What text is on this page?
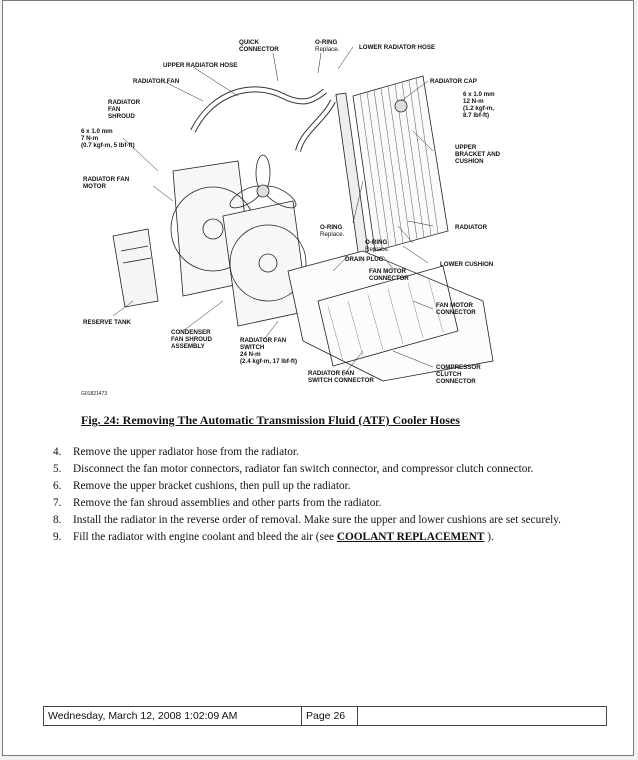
QUICK
CONNECTOR
O-RING
Replace.	LOWER RADIATOR HOSE
UPPER RADIATOR HOSE
RADIATOR FAN	RADIATOR CAP
RADIATOR
FAN
SHROUD
6 x 1.0 mm
12 N-m
(1.2 kgf-m,
8.7 lbf-ft)
6 x 1.0 mm
7 N-m
(0.7 kgf-m, 5 lbf-ft)	UPPER
BRACKET AND
CUSHION
RADIATOR FAN
MOTOR
RADIATOR
O-RING
Replace.
O-RING
Replace.
DRAIN PLUG
LOWER CUSHION
FAN MOTOR
CONNECTOR
FAN MOTOR
CONNECTOR
RESERVE TANK
CONDENSER
FAN SHROUD
ASSEMBLY
RADIATOR FAN
SWITCH
24 N-m
(2.4 kgf-m, 17 lbf-ft)
COMPRESSOR
CLUTCH
CONNECTOR
RADIATOR FAN
SWITCH CONNECTOR
G01821473
Fig. 24: Removing The Automatic Transmission Fluid (ATF) Cooler Hoses
4. Remove the upper radiator hose from the radiator.
5. Disconnect the fan motor connectors, radiator fan switch connector, and compressor clutch connector.
6. Remove the upper bracket cushions, then pull up the radiator.
7. Remove the fan shroud assemblies and other parts from the radiator.
8. Install the radiator in the reverse order of removal. Make sure the upper and lower cushions are set securely.
9. Fill the radiator with engine coolant and bleed the air (see COOLANT REPLACEMENT ).
Wednesday, March 12, 2008 1:02:09 AM	Page 26
